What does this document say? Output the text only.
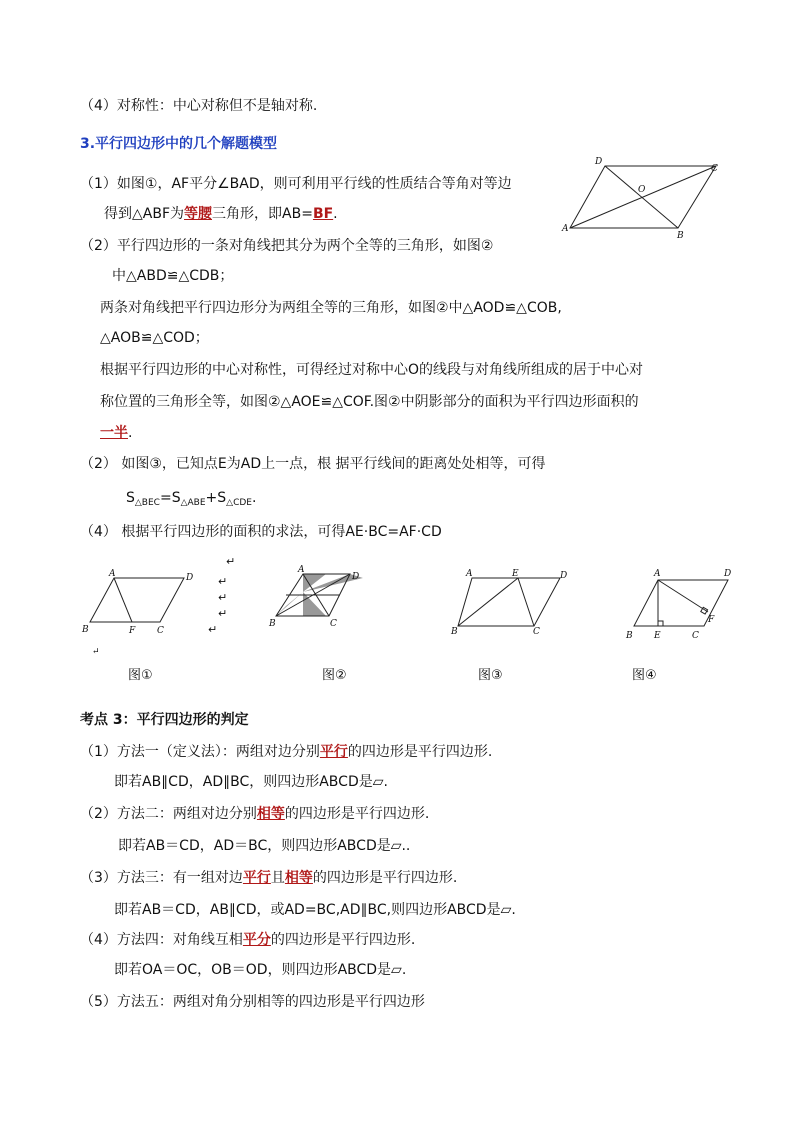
（4）对称性：中心对称但不是轴对称.
3.平行四边形中的几个解题模型
（1）如图①，AF平分∠BAD，则可利用平行线的性质结合等角对等边
得到△ABF为等腰三角形，即AB=BF.
D
C
O
A
B
（2）平行四边形的一条对角线把其分为两个全等的三角形，如图②
中△ABD≌△CDB；
两条对角线把平行四边形分为两组全等的三角形，如图②中△AOD≌△COB,
△AOB≌△COD；
根据平行四边形的中心对称性，可得经过对称中心O的线段与对角线所组成的居于中心对
称位置的三角形全等，如图②△AOE≌△COF.图②中阴影部分的面积为平行四边形面积的
一半.
（2） 如图③，已知点E为AD上一点，根 据平行线间的距离处处相等，可得
$S_{\triangle BEC}=S_{\triangle ABE}+S_{\triangle CDE}$.
（4） 根据平行四边形的面积的求法，可得AE·BC=AF·CD
A	D
B	F C
↵
↵
↵
↵
↵
↵
A
D
B	C
A	E	D
B	C
A	D
F
B E	C
图①	图②	图③	图④
考点 3：平行四边形的判定
（1）方法一（定义法）：两组对边分别平行的四边形是平行四边形.
即若AB∥CD，AD∥BC，则四边形ABCD是▱.
（2）方法二：两组对边分别相等的四边形是平行四边形.
即若AB＝CD，AD＝BC，则四边形ABCD是▱..
（3）方法三：有一组对边平行且相等的四边形是平行四边形.
即若AB＝CD，AB∥CD，或AD=BC,AD∥BC,则四边形ABCD是▱.
（4）方法四：对角线互相平分的四边形是平行四边形.
即若OA＝OC，OB＝OD，则四边形ABCD是▱.
（5）方法五：两组对角分别相等的四边形是平行四边形
